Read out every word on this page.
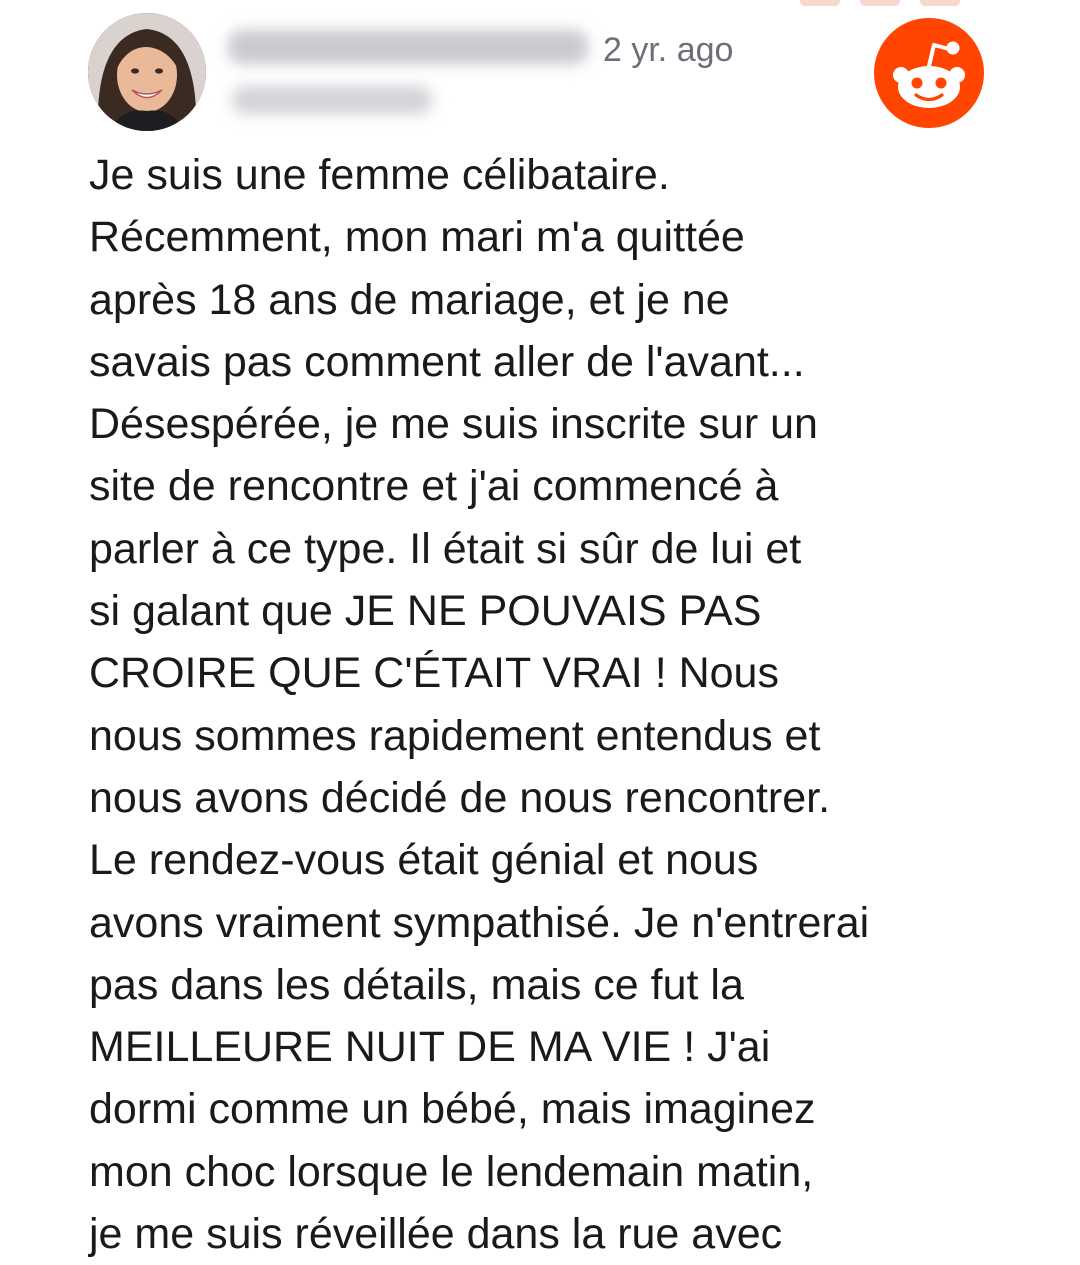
2 yr. ago

Je suis une femme célibataire.
Récemment, mon mari m'a quittée
après 18 ans de mariage, et je ne
savais pas comment aller de l'avant...
Désespérée, je me suis inscrite sur un
site de rencontre et j'ai commencé à
parler à ce type. Il était si sûr de lui et
si galant que JE NE POUVAIS PAS
CROIRE QUE C'ÉTAIT VRAI ! Nous
nous sommes rapidement entendus et
nous avons décidé de nous rencontrer.
Le rendez-vous était génial et nous
avons vraiment sympathisé. Je n'entrerai
pas dans les détails, mais ce fut la
MEILLEURE NUIT DE MA VIE ! J'ai
dormi comme un bébé, mais imaginez
mon choc lorsque le lendemain matin,
je me suis réveillée dans la rue avec
